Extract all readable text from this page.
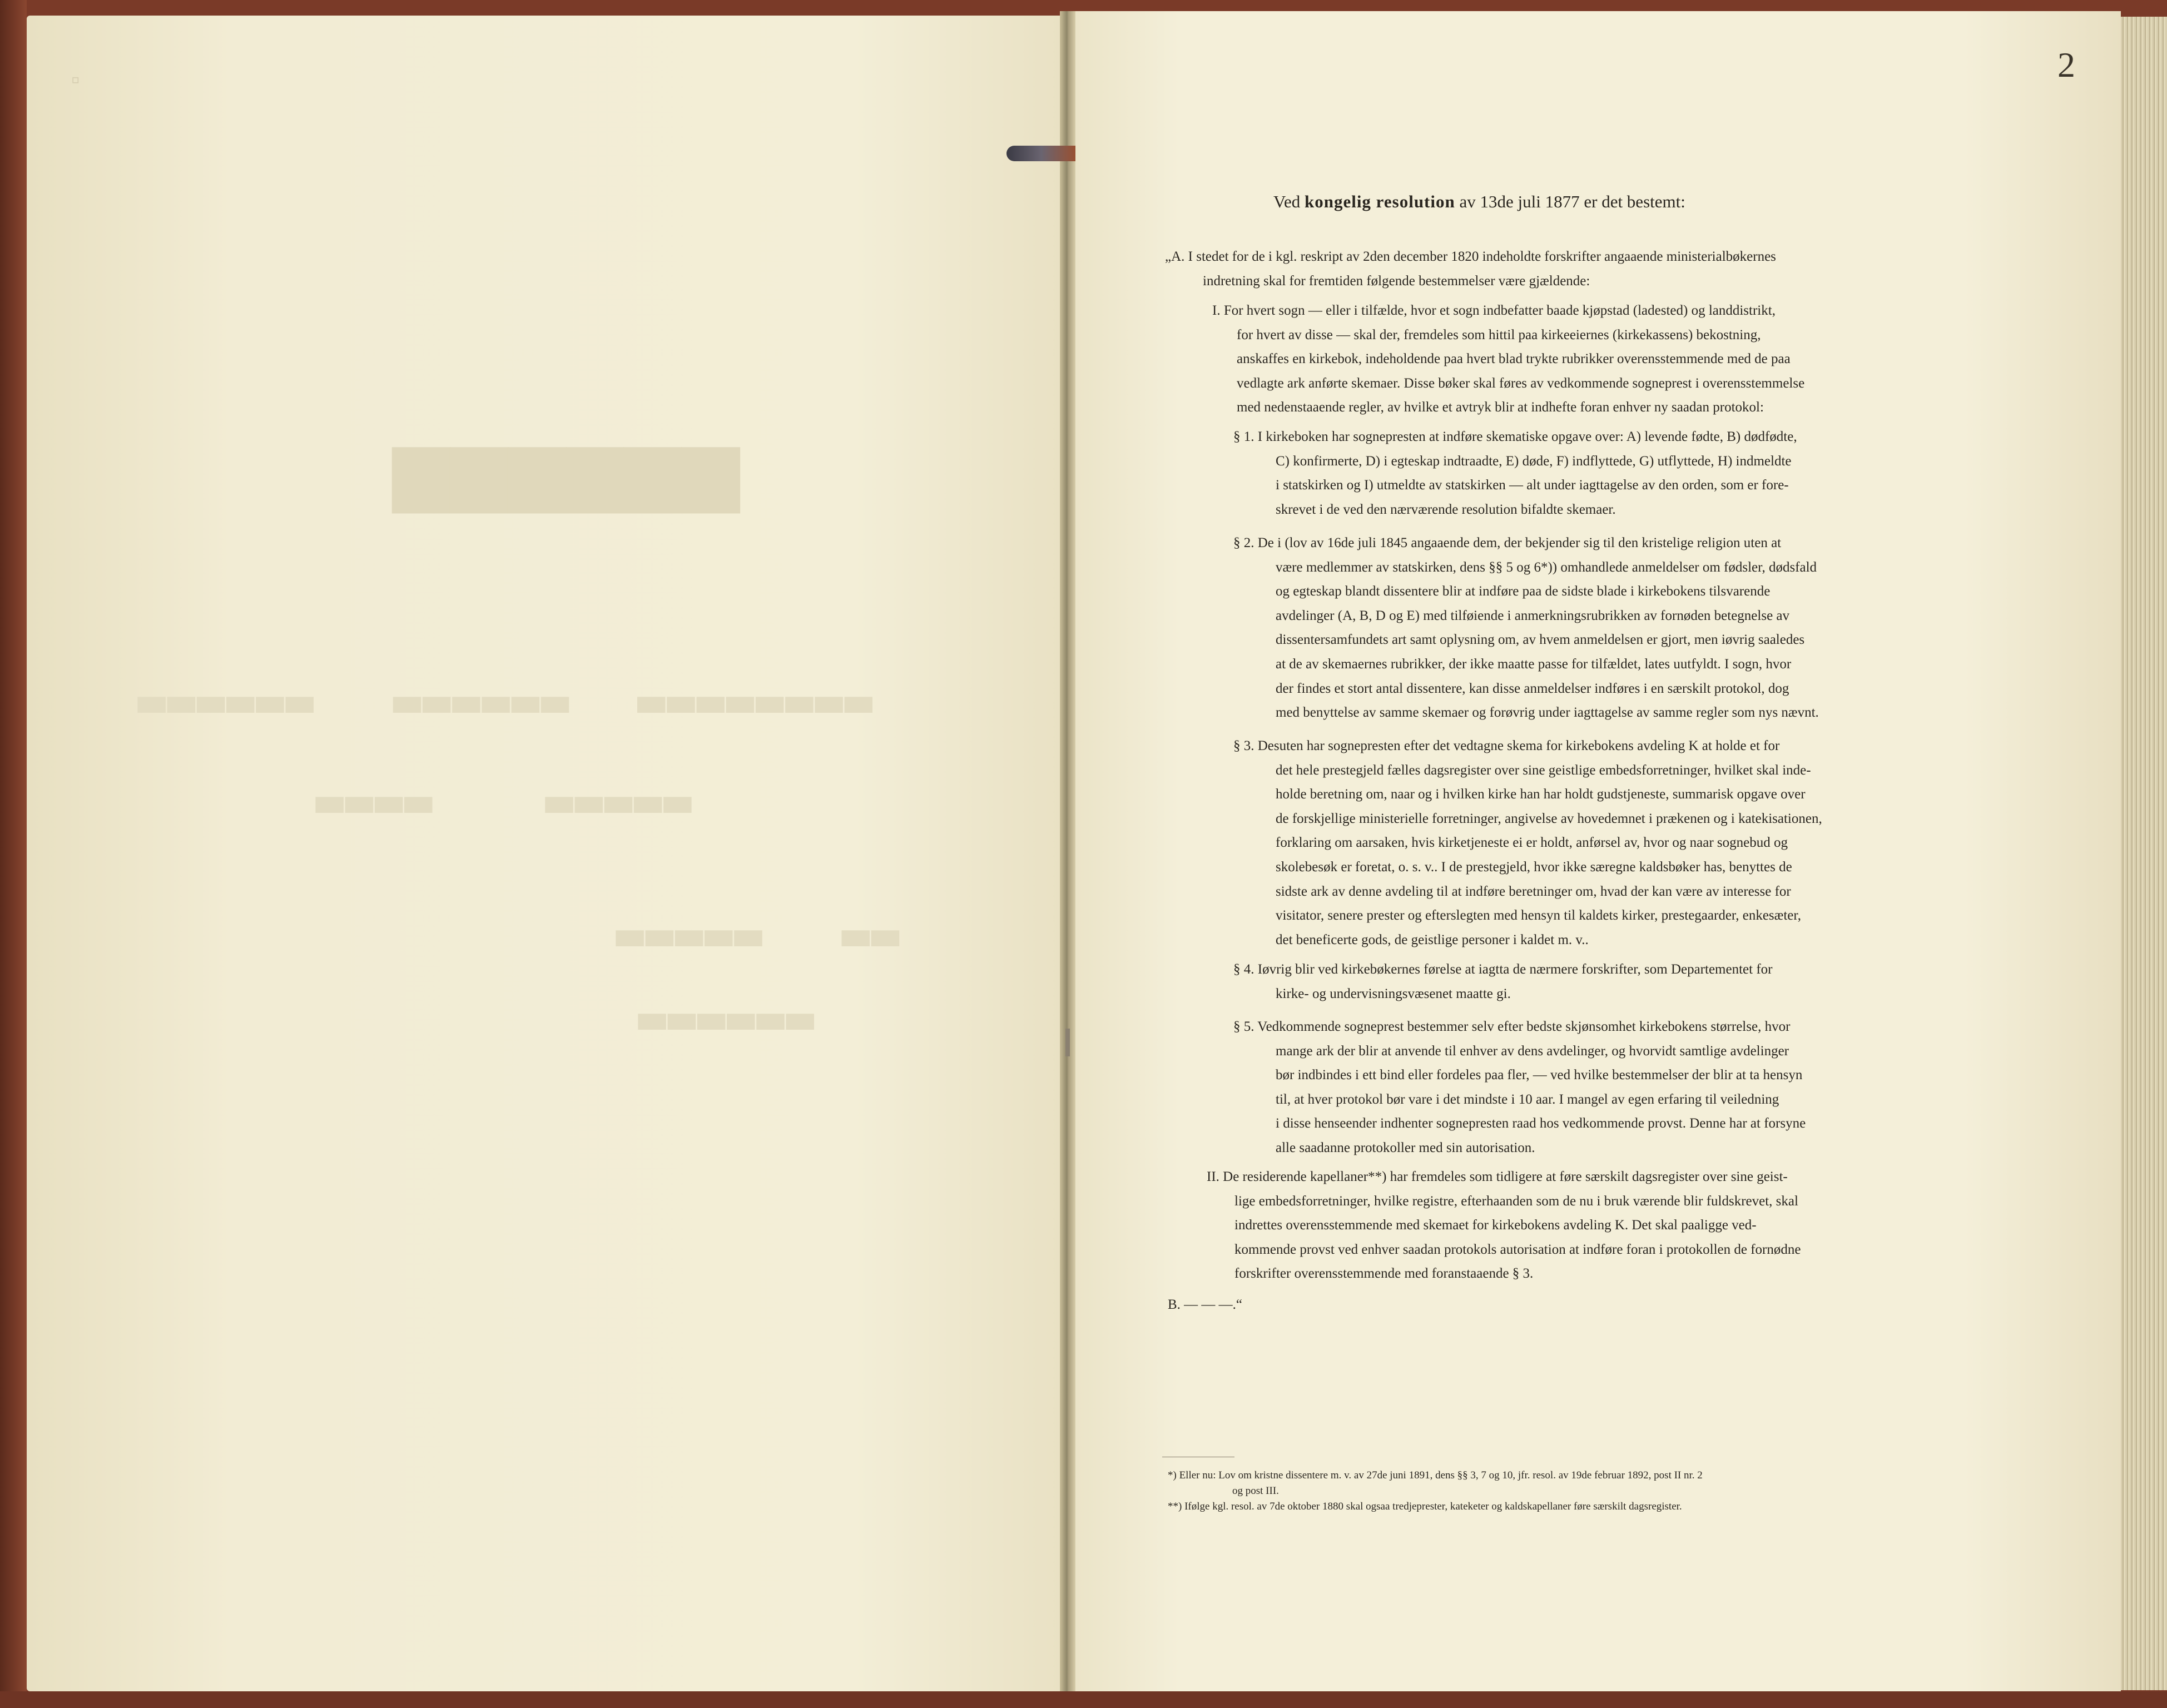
▫
▆▆▆▆▆▆
▃▃▃▃▃▃       ▃▃▃▃▃▃      ▃▃▃▃▃▃▃▃
▃▃▃▃          ▃▃▃▃▃
▃▃▃▃▃       ▃▃
▃▃▃▃▃▃
2
Ved kongelig resolution av 13de juli 1877 er det bestemt:
„A. I stedet for de i kgl. reskript av 2den december 1820 indeholdte forskrifter angaaende ministerialbøkernes
indretning skal for fremtiden følgende bestemmelser være gjældende:
I. For hvert sogn — eller i tilfælde, hvor et sogn indbefatter baade kjøpstad (ladested) og landdistrikt,
for hvert av disse — skal der, fremdeles som hittil paa kirkeeiernes (kirkekassens) bekostning,
anskaffes en kirkebok, indeholdende paa hvert blad trykte rubrikker overensstemmende med de paa
vedlagte ark anførte skemaer. Disse bøker skal føres av vedkommende sogneprest i overensstemmelse
med nedenstaaende regler, av hvilke et avtryk blir at indhefte foran enhver ny saadan protokol:
§ 1. I kirkeboken har sognepresten at indføre skematiske opgave over: A) levende fødte, B) dødfødte,
C) konfirmerte, D) i egteskap indtraadte, E) døde, F) indflyttede, G) utflyttede, H) indmeldte
i statskirken og I) utmeldte av statskirken — alt under iagttagelse av den orden, som er fore-
skrevet i de ved den nærværende resolution bifaldte skemaer.
§ 2. De i (lov av 16de juli 1845 angaaende dem, der bekjender sig til den kristelige religion uten at
være medlemmer av statskirken, dens §§ 5 og 6*)) omhandlede anmeldelser om fødsler, dødsfald
og egteskap blandt dissentere blir at indføre paa de sidste blade i kirkebokens tilsvarende
avdelinger (A, B, D og E) med tilføiende i anmerkningsrubrikken av fornøden betegnelse av
dissentersamfundets art samt oplysning om, av hvem anmeldelsen er gjort, men iøvrig saaledes
at de av skemaernes rubrikker, der ikke maatte passe for tilfældet, lates uutfyldt. I sogn, hvor
der findes et stort antal dissentere, kan disse anmeldelser indføres i en særskilt protokol, dog
med benyttelse av samme skemaer og forøvrig under iagttagelse av samme regler som nys nævnt.
§ 3. Desuten har sognepresten efter det vedtagne skema for kirkebokens avdeling K at holde et for
det hele prestegjeld fælles dagsregister over sine geistlige embedsforretninger, hvilket skal inde-
holde beretning om, naar og i hvilken kirke han har holdt gudstjeneste, summarisk opgave over
de forskjellige ministerielle forretninger, angivelse av hovedemnet i prækenen og i katekisationen,
forklaring om aarsaken, hvis kirketjeneste ei er holdt, anførsel av, hvor og naar sognebud og
skolebesøk er foretat, o. s. v.. I de prestegjeld, hvor ikke særegne kaldsbøker has, benyttes de
sidste ark av denne avdeling til at indføre beretninger om, hvad der kan være av interesse for
visitator, senere prester og efterslegten med hensyn til kaldets kirker, prestegaarder, enkesæter,
det beneficerte gods, de geistlige personer i kaldet m. v..
§ 4. Iøvrig blir ved kirkebøkernes førelse at iagtta de nærmere forskrifter, som Departementet for
kirke- og undervisningsvæsenet maatte gi.
§ 5. Vedkommende sogneprest bestemmer selv efter bedste skjønsomhet kirkebokens størrelse, hvor
mange ark der blir at anvende til enhver av dens avdelinger, og hvorvidt samtlige avdelinger
bør indbindes i ett bind eller fordeles paa fler, — ved hvilke bestemmelser der blir at ta hensyn
til, at hver protokol bør vare i det mindste i 10 aar. I mangel av egen erfaring til veiledning
i disse henseender indhenter sognepresten raad hos vedkommende provst. Denne har at forsyne
alle saadanne protokoller med sin autorisation.
II. De residerende kapellaner**) har fremdeles som tidligere at føre særskilt dagsregister over sine geist-
lige embedsforretninger, hvilke registre, efterhaanden som de nu i bruk værende blir fuldskrevet, skal
indrettes overensstemmende med skemaet for kirkebokens avdeling K. Det skal paaligge ved-
kommende provst ved enhver saadan protokols autorisation at indføre foran i protokollen de fornødne
forskrifter overensstemmende med foranstaaende § 3.
B. — — —.“
*) Eller nu: Lov om kristne dissentere m. v. av 27de juni 1891, dens §§ 3, 7 og 10, jfr. resol. av 19de februar 1892, post II nr. 2
og post III.
**) Ifølge kgl. resol. av 7de oktober 1880 skal ogsaa tredjeprester, kateketer og kaldskapellaner føre særskilt dagsregister.
